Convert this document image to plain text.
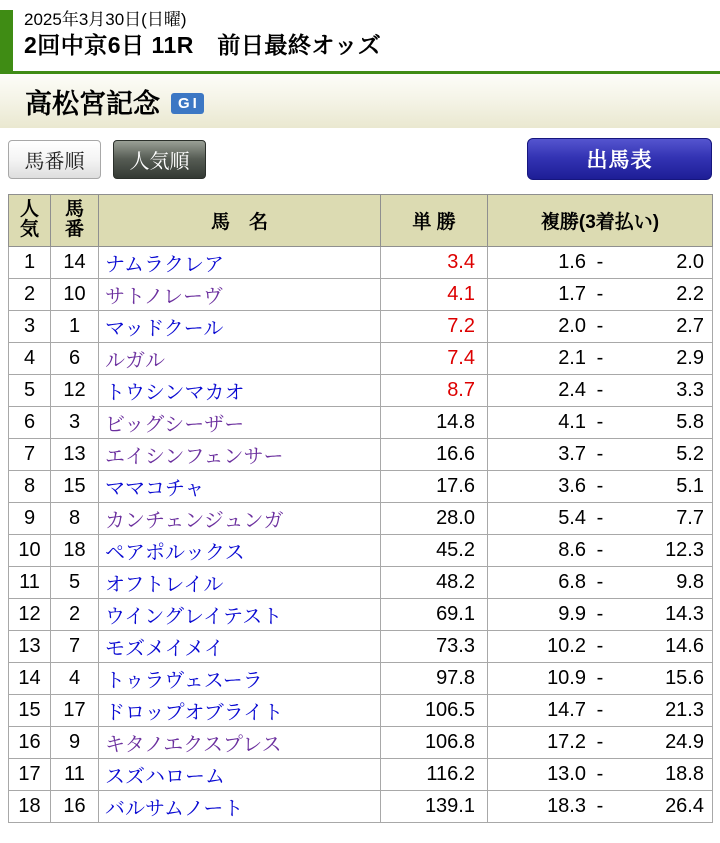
2025年3月30日(日曜)
2回中京6日 11R　前日最終オッズ
高松宮記念	GI
馬番順	人気順	出馬表
人気	馬番	馬　名	単 勝	複勝(3着払い)
1	14	ナムラクレア	3.4	1.6 - 2.0
2	10	サトノレーヴ	4.1	1.7 - 2.2
3	1	マッドクール	7.2	2.0 - 2.7
4	6	ルガル	7.4	2.1 - 2.9
5	12	トウシンマカオ	8.7	2.4 - 3.3
6	3	ビッグシーザー	14.8	4.1 - 5.8
7	13	エイシンフェンサー	16.6	3.7 - 5.2
8	15	ママコチャ	17.6	3.6 - 5.1
9	8	カンチェンジュンガ	28.0	5.4 - 7.7
10	18	ペアポルックス	45.2	8.6 - 12.3
11	5	オフトレイル	48.2	6.8 - 9.8
12	2	ウイングレイテスト	69.1	9.9 - 14.3
13	7	モズメイメイ	73.3	10.2 - 14.6
14	4	トゥラヴェスーラ	97.8	10.9 - 15.6
15	17	ドロップオブライト	106.5	14.7 - 21.3
16	9	キタノエクスプレス	106.8	17.2 - 24.9
17	11	スズハローム	116.2	13.0 - 18.8
18	16	バルサムノート	139.1	18.3 - 26.4
